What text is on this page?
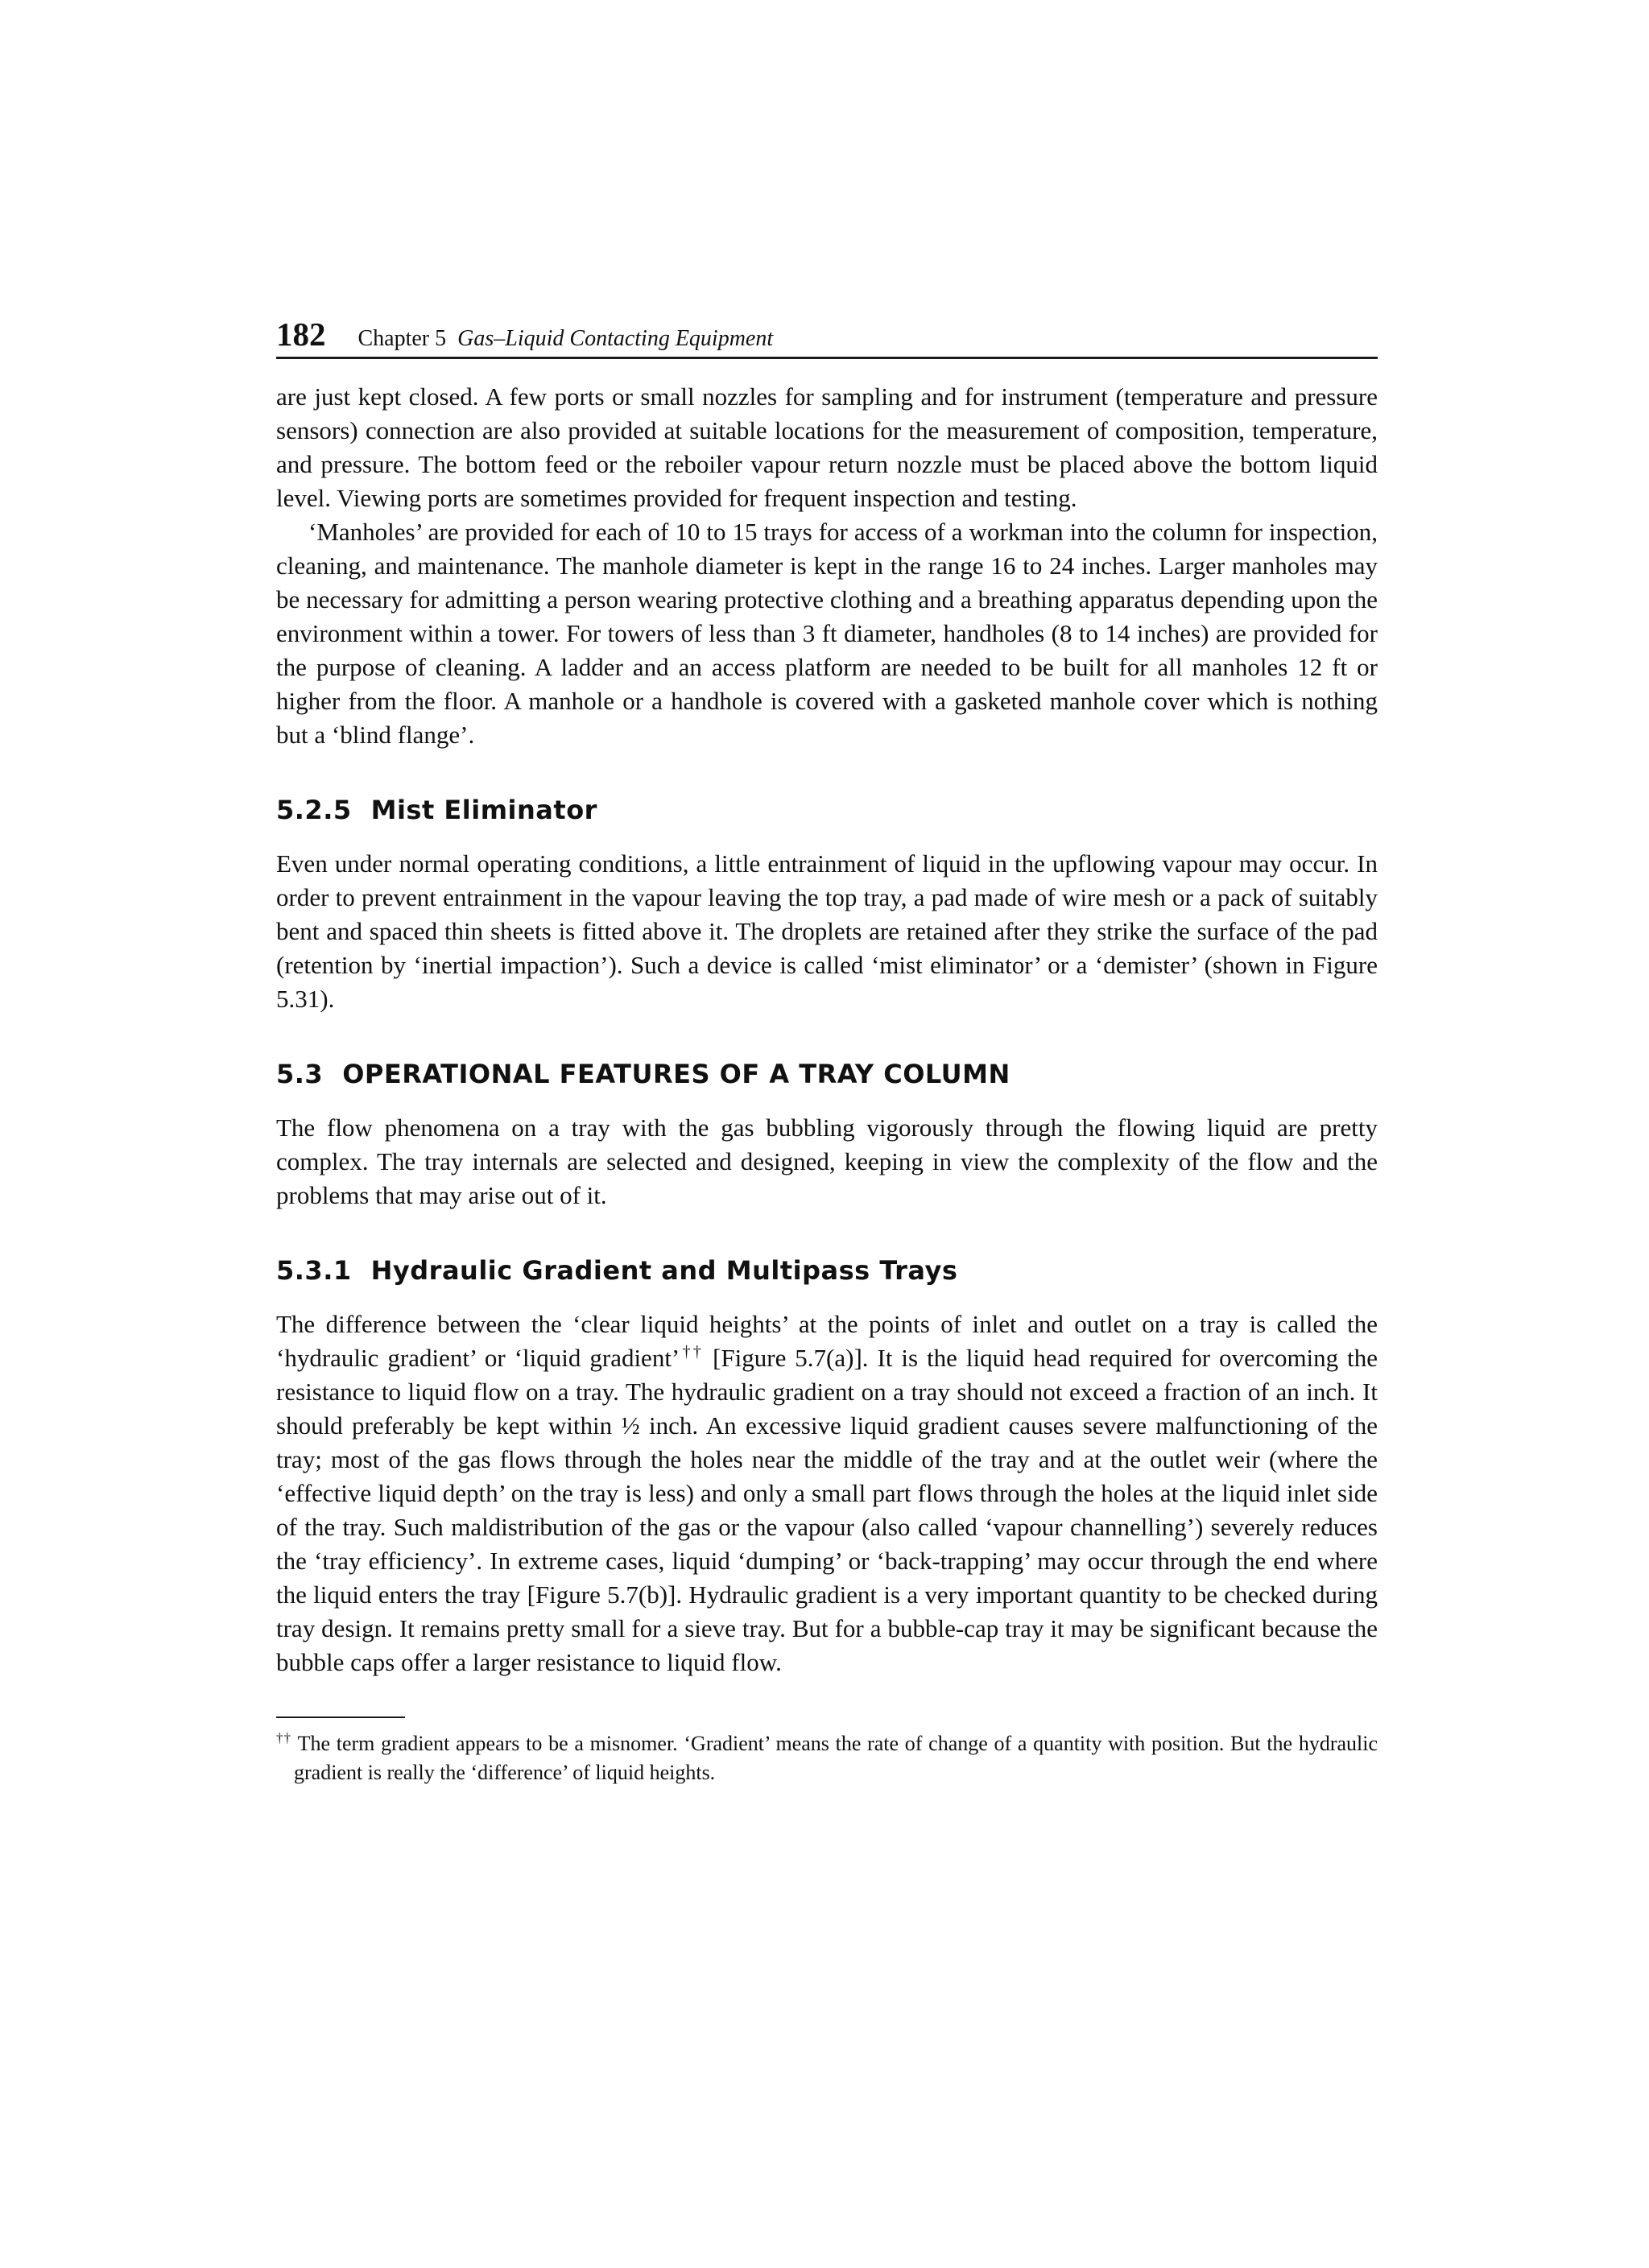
182 Chapter 5 Gas–Liquid Contacting Equipment

are just kept closed. A few ports or small nozzles for sampling and for instrument (temperature and pressure sensors) connection are also provided at suitable locations for the measurement of composition, temperature, and pressure. The bottom feed or the reboiler vapour return nozzle must be placed above the bottom liquid level. Viewing ports are sometimes provided for frequent inspection and testing.

‘Manholes’ are provided for each of 10 to 15 trays for access of a workman into the column for inspection, cleaning, and maintenance. The manhole diameter is kept in the range 16 to 24 inches. Larger manholes may be necessary for admitting a person wearing protective clothing and a breathing apparatus depending upon the environment within a tower. For towers of less than 3 ft diameter, handholes (8 to 14 inches) are provided for the purpose of cleaning. A ladder and an access platform are needed to be built for all manholes 12 ft or higher from the floor. A manhole or a handhole is covered with a gasketed manhole cover which is nothing but a ‘blind flange’.

5.2.5 Mist Eliminator

Even under normal operating conditions, a little entrainment of liquid in the upflowing vapour may occur. In order to prevent entrainment in the vapour leaving the top tray, a pad made of wire mesh or a pack of suitably bent and spaced thin sheets is fitted above it. The droplets are retained after they strike the surface of the pad (retention by ‘inertial impaction’). Such a device is called ‘mist eliminator’ or a ‘demister’ (shown in Figure 5.31).

5.3 OPERATIONAL FEATURES OF A TRAY COLUMN

The flow phenomena on a tray with the gas bubbling vigorously through the flowing liquid are pretty complex. The tray internals are selected and designed, keeping in view the complexity of the flow and the problems that may arise out of it.

5.3.1 Hydraulic Gradient and Multipass Trays

The difference between the ‘clear liquid heights’ at the points of inlet and outlet on a tray is called the ‘hydraulic gradient’ or ‘liquid gradient’†† [Figure 5.7(a)]. It is the liquid head required for overcoming the resistance to liquid flow on a tray. The hydraulic gradient on a tray should not exceed a fraction of an inch. It should preferably be kept within ½ inch. An excessive liquid gradient causes severe malfunctioning of the tray; most of the gas flows through the holes near the middle of the tray and at the outlet weir (where the ‘effective liquid depth’ on the tray is less) and only a small part flows through the holes at the liquid inlet side of the tray. Such maldistribution of the gas or the vapour (also called ‘vapour channelling’) severely reduces the ‘tray efficiency’. In extreme cases, liquid ‘dumping’ or ‘back-trapping’ may occur through the end where the liquid enters the tray [Figure 5.7(b)]. Hydraulic gradient is a very important quantity to be checked during tray design. It remains pretty small for a sieve tray. But for a bubble-cap tray it may be significant because the bubble caps offer a larger resistance to liquid flow.

†† The term gradient appears to be a misnomer. ‘Gradient’ means the rate of change of a quantity with position. But the hydraulic gradient is really the ‘difference’ of liquid heights.
